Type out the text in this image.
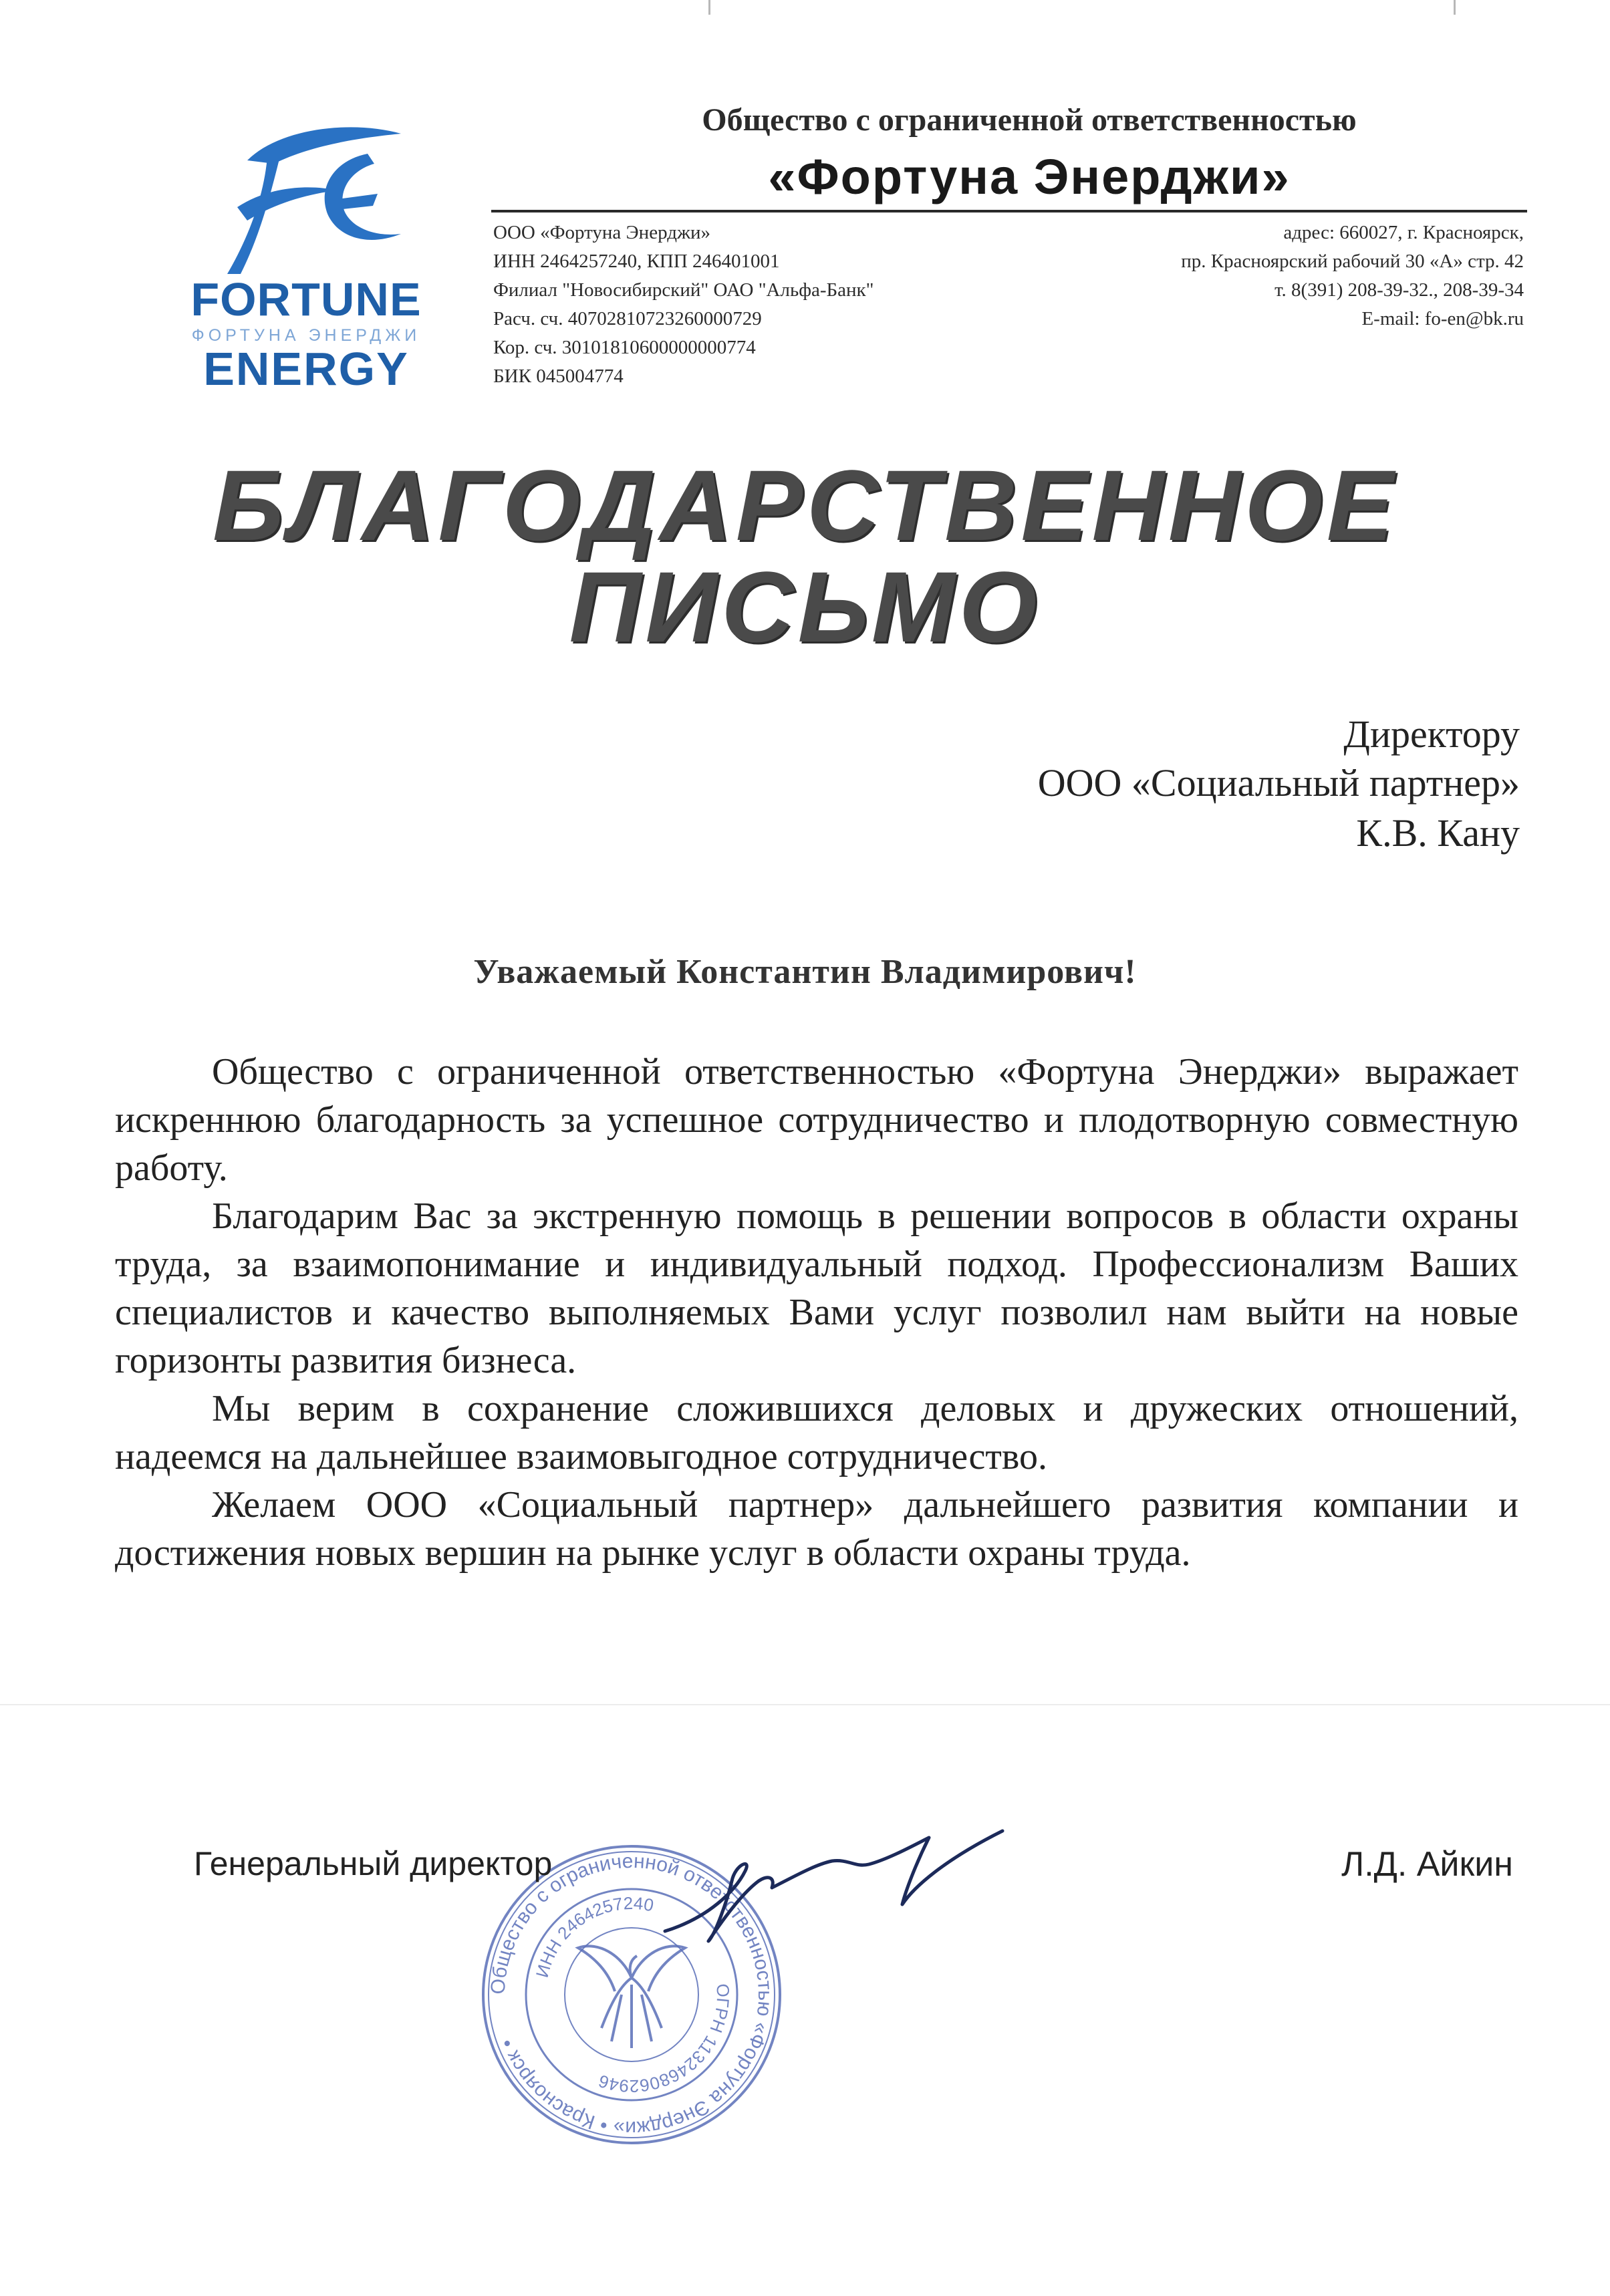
FORTUNE
ФОРТУНА ЭНЕРДЖИ
ENERGY
Общество с ограниченной ответственностью
«Фортуна Энерджи»
ООО «Фортуна Энерджи»
ИНН 2464257240, КПП 246401001
Филиал "Новосибирский" ОАО "Альфа-Банк"
Расч. сч. 40702810723260000729
Кор. сч. 30101810600000000774
БИК 045004774
адрес: 660027, г. Красноярск,
пр. Красноярский рабочий 30 «А» стр. 42
т. 8(391) 208-39-32., 208-39-34
E-mail: fo-en@bk.ru
БЛАГОДАРСТВЕННОЕ
ПИСЬМО
Директору
ООО «Социальный партнер»
К.В. Кану
Уважаемый Константин Владимирович!

Общество с ограниченной ответственностью «Фортуна Энерджи» выражает искреннюю благодарность за успешное сотрудничество и плодотворную совместную работу.

Благодарим Вас за экстренную помощь в решении вопросов в области охраны труда, за взаимопонимание и индивидуальный подход. Профессионализм Ваших специалистов и качество выполняемых Вами услуг позволил нам выйти на новые горизонты развития бизнеса.

Мы верим в сохранение сложившихся деловых и дружеских отношений, надеемся на дальнейшее взаимовыгодное сотрудничество.

Желаем ООО «Социальный партнер» дальнейшего развития компании и достижения новых вершин на рынке услуг в области охраны труда.

Общество с ограниченной ответственностью «Фортуна Энерджи» • Красноярск •
ИНН 2464257240
ОГРН 1132468062946
Генеральный директор	Л.Д. Айкин
